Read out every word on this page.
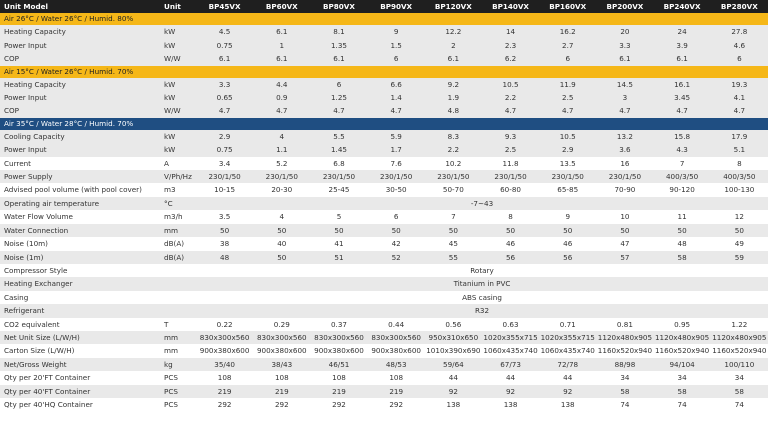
Unit Model	Unit	BP45VX	BP60VX	BP80VX	BP90VX	BP120VX	BP140VX	BP160VX	BP200VX	BP240VX	BP280VX
Air 26°C / Water 26°C / Humid. 80%											
Heating Capacity	kW	4.5	6.1	8.1	9	12.2	14	16.2	20	24	27.8
Power Input	kW	0.75	1	1.35	1.5	2	2.3	2.7	3.3	3.9	4.6
COP	W/W	6.1	6.1	6.1	6	6.1	6.2	6	6.1	6.1	6
Air 15°C / Water 26°C / Humid. 70%											
Heating Capacity	kW	3.3	4.4	6	6.6	9.2	10.5	11.9	14.5	16.1	19.3
Power Input	kW	0.65	0.9	1.25	1.4	1.9	2.2	2.5	3	3.45	4.1
COP	W/W	4.7	4.7	4.7	4.7	4.8	4.7	4.7	4.7	4.7	4.7
Air 35°C / Water 28°C / Humid. 70%											
Cooling Capacity	kW	2.9	4	5.5	5.9	8.3	9.3	10.5	13.2	15.8	17.9
Power Input	kW	0.75	1.1	1.45	1.7	2.2	2.5	2.9	3.6	4.3	5.1
Current	A	3.4	5.2	6.8	7.6	10.2	11.8	13.5	16	7	8
Power Supply	V/Ph/Hz	230/1/50	230/1/50	230/1/50	230/1/50	230/1/50	230/1/50	230/1/50	230/1/50	400/3/50	400/3/50
Advised pool volume (with pool cover)	m3	10-15	20-30	25-45	30-50	50-70	60-80	65-85	70-90	90-120	100-130
Operating air temperature	°C	-7~43									
Water Flow Volume	m3/h	3.5	4	5	6	7	8	9	10	11	12
Water Connection	mm	50	50	50	50	50	50	50	50	50	50
Noise (10m)	dB(A)	38	40	41	42	45	46	46	47	48	49
Noise (1m)	dB(A)	48	50	51	52	55	56	56	57	58	59
Compressor Style		Rotary									
Heating Exchanger		Titanium in PVC									
Casing		ABS casing									
Refrigerant		R32									
CO2 equivalent	T	0.22	0.29	0.37	0.44	0.56	0.63	0.71	0.81	0.95	1.22
Net Unit Size (L/W/H)	mm	830x300x560	830x300x560	830x300x560	830x300x560	950x310x650	1020x355x715	1020x355x715	1120x480x905	1120x480x905	1120x480x905
Carton Size (L/W/H)	mm	900x380x600	900x380x600	900x380x600	900x380x600	1010x390x690	1060x435x740	1060x435x740	1160x520x940	1160x520x940	1160x520x940
Net/Gross Weight	kg	35/40	38/43	46/51	48/53	59/64	67/73	72/78	88/98	94/104	100/110
Qty per 20'FT Container	PCS	108	108	108	108	44	44	44	34	34	34
Qty per 40'FT Container	PCS	219	219	219	219	92	92	92	58	58	58
Qty per 40'HQ Container	PCS	292	292	292	292	138	138	138	74	74	74
